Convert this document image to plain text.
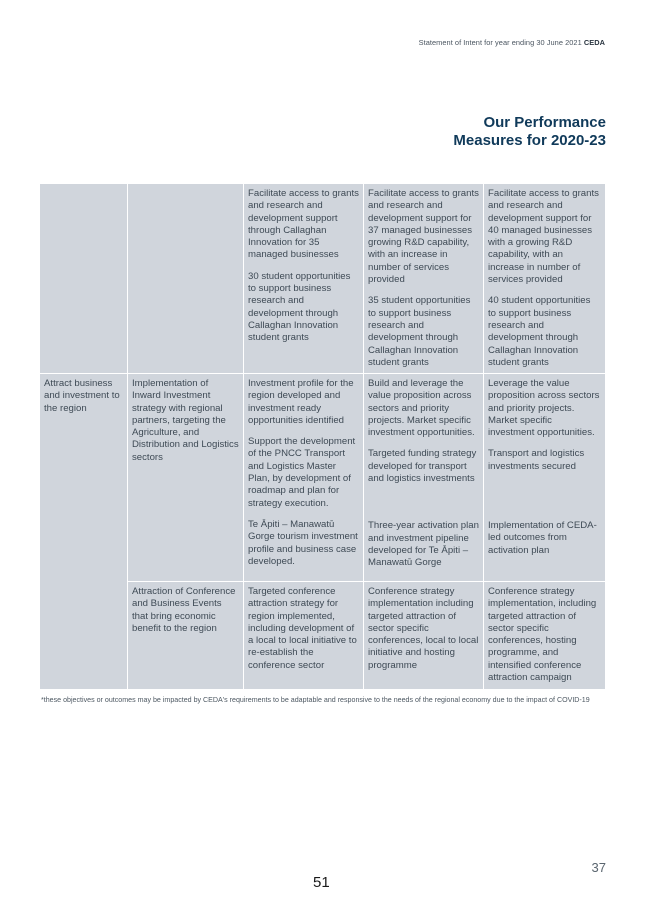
Statement of Intent for year ending 30 June 2021 CEDA
Our Performance
Measures for 2020-23
Facilitate access to grants and research and development support through Callaghan Innovation for 35 managed businesses
30 student opportunities to support business research and development through Callaghan Innovation student grants
Facilitate access to grants and research and development support for 37 managed businesses growing R&D capability, with an increase in number of services provided
35 student opportunities to support business research and development through Callaghan Innovation student grants
Facilitate access to grants and research and development support for 40 managed businesses with a growing R&D capability, with an increase in number of services provided
40 student opportunities to support business research and development through Callaghan Innovation student grants
Attract business and investment to the region
Implementation of Inward Investment strategy with regional partners, targeting the Agriculture, and Distribution and Logistics sectors
Investment profile for the region developed and investment ready opportunities identified
Support the development of the PNCC Transport and Logistics Master Plan, by development of roadmap and plan for strategy execution.
Te Āpiti – Manawatū Gorge tourism investment profile and business case developed.
Build and leverage the value proposition across sectors and priority projects. Market specific investment opportunities.
Targeted funding strategy developed for transport and logistics investments
Three-year activation plan and investment pipeline developed for Te Āpiti – Manawatū Gorge
Leverage the value proposition across sectors and priority projects. Market specific investment opportunities.
Transport and logistics investments secured
Implementation of CEDA-led outcomes from activation plan
Attraction of Conference and Business Events that bring economic benefit to the region
Targeted conference attraction strategy for region implemented, including development of a local to local initiative to re-establish the conference sector
Conference strategy implementation including targeted attraction of sector specific conferences, local to local initiative and hosting programme
Conference strategy implementation, including targeted attraction of sector specific conferences, hosting programme, and intensified conference attraction campaign
*these objectives or outcomes may be impacted by CEDA's requirements to be adaptable and responsive to the needs of the regional economy due to the impact of COVID-19
37
51
